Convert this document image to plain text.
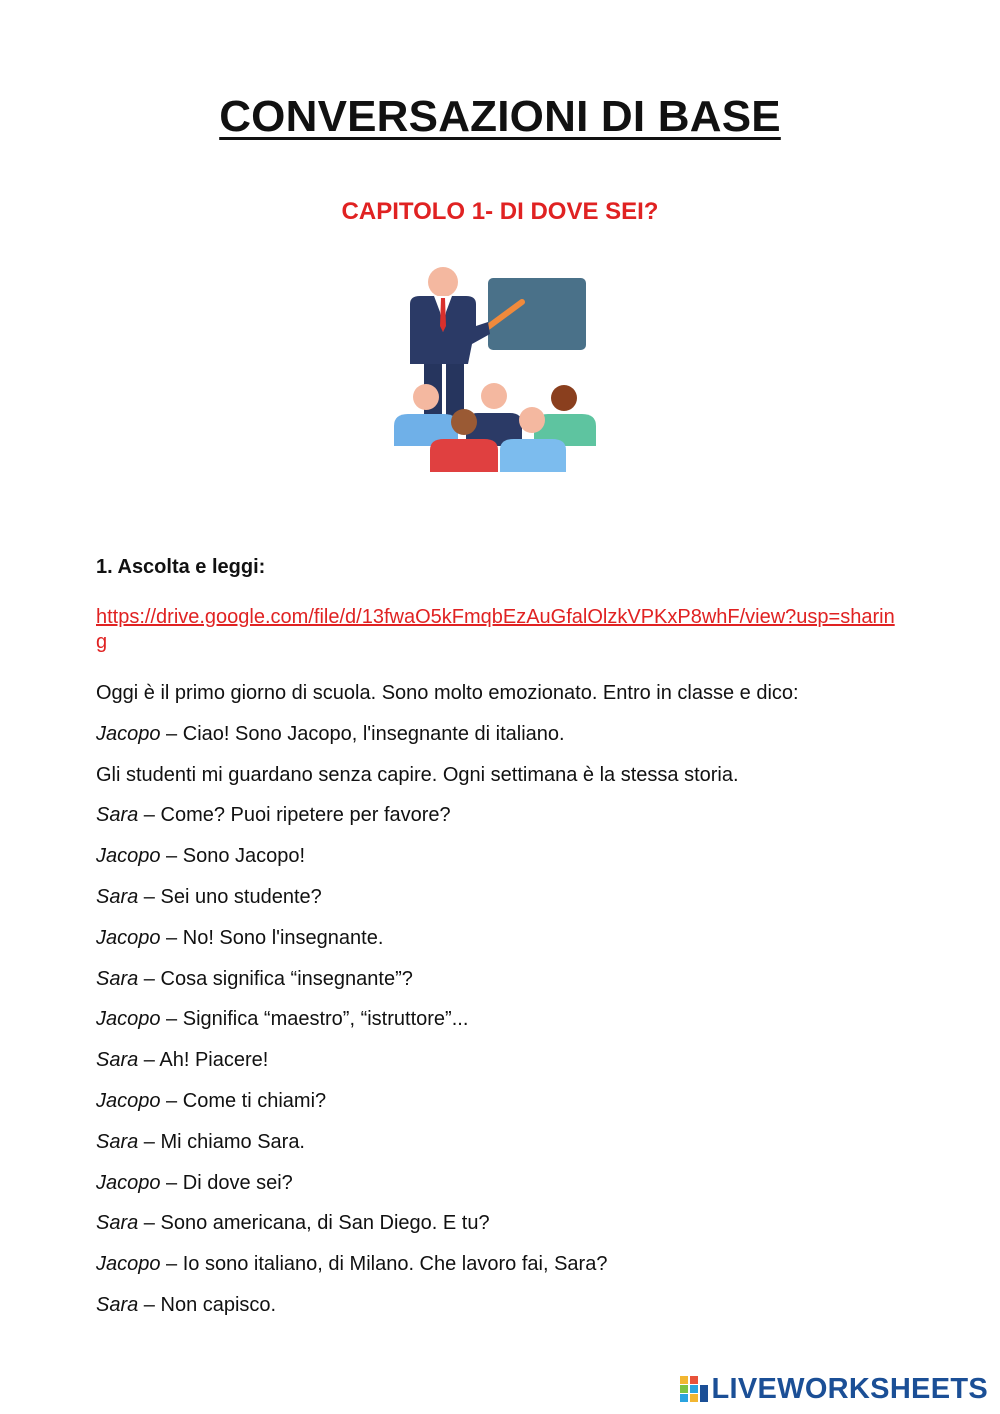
CONVERSAZIONI DI BASE
CAPITOLO 1- DI DOVE SEI?
1. Ascolta e leggi:
https://drive.google.com/file/d/13fwaO5kFmqbEzAuGfalOlzkVPKxP8whF/view?usp=sharing
Oggi è il primo giorno di scuola. Sono molto emozionato. Entro in classe e dico:
Jacopo – Ciao! Sono Jacopo, l'insegnante di italiano.
Gli studenti mi guardano senza capire. Ogni settimana è la stessa storia.
Sara – Come? Puoi ripetere per favore?
Jacopo – Sono Jacopo!
Sara – Sei uno studente?
Jacopo – No! Sono l'insegnante.
Sara – Cosa significa “insegnante”?
Jacopo – Significa “maestro”, “istruttore”...
Sara – Ah! Piacere!
Jacopo – Come ti chiami?
Sara – Mi chiamo Sara.
Jacopo – Di dove sei?
Sara – Sono americana, di San Diego. E tu?
Jacopo – Io sono italiano, di Milano. Che lavoro fai, Sara?
Sara – Non capisco.
LIVEWORKSHEETS
